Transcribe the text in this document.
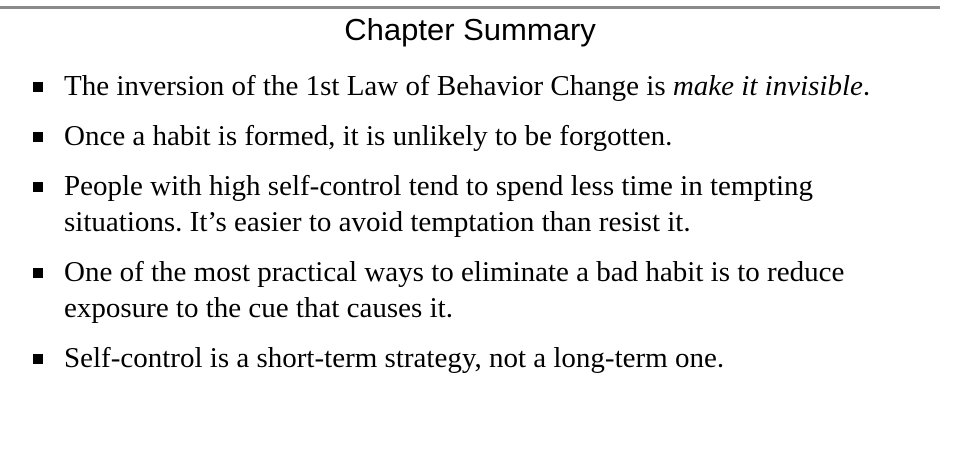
Chapter Summary
The inversion of the 1st Law of Behavior Change is make it invisible.
Once a habit is formed, it is unlikely to be forgotten.
People with high self-control tend to spend less time in tempting situations. It’s easier to avoid temptation than resist it.
One of the most practical ways to eliminate a bad habit is to reduce exposure to the cue that causes it.
Self-control is a short-term strategy, not a long-term one.
